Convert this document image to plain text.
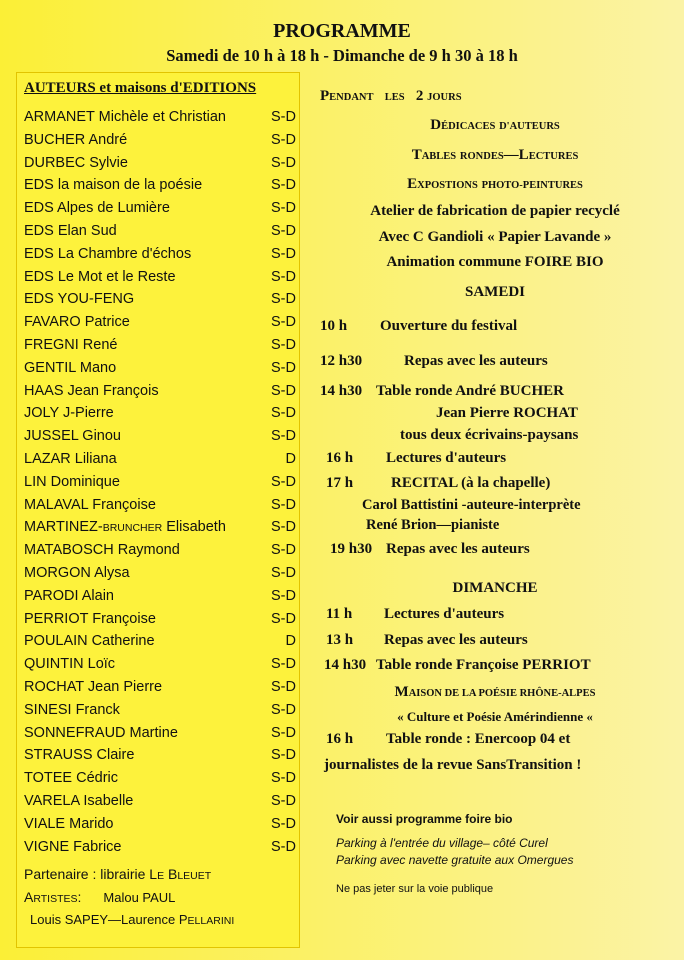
PROGRAMME
Samedi de 10 h à 18 h - Dimanche de 9 h 30 à 18 h
AUTEURS et maisons d'EDITIONS
ARMANET Michèle et Christian	S-D
BUCHER André	S-D
DURBEC Sylvie	S-D
EDS la maison de la poésie	S-D
EDS Alpes de Lumière	S-D
EDS Elan Sud	S-D
EDS La Chambre d'échos	S-D
EDS Le Mot et le Reste	S-D
EDS YOU-FENG	S-D
FAVARO Patrice	S-D
FREGNI René	S-D
GENTIL Mano	S-D
HAAS Jean François	S-D
JOLY J-Pierre	S-D
JUSSEL Ginou	S-D
LAZAR Liliana	D
LIN Dominique	S-D
MALAVAL Françoise	S-D
MARTINEZ-BRUNCHER Elisabeth	S-D
MATABOSCH Raymond	S-D
MORGON Alysa	S-D
PARODI Alain	S-D
PERRIOT Françoise	S-D
POULAIN Catherine	D
QUINTIN Loïc	S-D
ROCHAT Jean Pierre	S-D
SINESI Franck	S-D
SONNEFRAUD Martine	S-D
STRAUSS Claire	S-D
TOTEE Cédric	S-D
VARELA Isabelle	S-D
VIALE Marido	S-D
VIGNE Fabrice	S-D
Partenaire : librairie LE BLEUET
ARTISTES: Malou PAUL
Louis SAPEY—Laurence PELLARINI
PENDANT LES 2 JOURS
DÉDICACES D'AUTEURS
TABLES RONDES—LECTURES
EXPOSTIONS PHOTO-PEINTURES
Atelier de fabrication de papier recyclé
Avec C Gandioli « Papier Lavande »
Animation commune FOIRE BIO
SAMEDI
10 h Ouverture du festival
12 h30	Repas avec les auteurs
14 h30 Table ronde André BUCHER
Jean Pierre ROCHAT
tous deux écrivains-paysans
16 h Lectures d'auteurs
17 h	RECITAL (à la chapelle)
Carol Battistini -auteure-interprète
René Brion—pianiste
19 h30 Repas avec les auteurs
DIMANCHE
11 h Lectures d'auteurs
13 h Repas avec les auteurs
14 h30 Table ronde Françoise PERRIOT
MAISON DE LA POÉSIE RHÔNE-ALPES
« Culture et Poésie Amérindienne «
16 h Table ronde : Enercoop 04 et
journalistes de la revue SansTransition !
Voir aussi programme foire bio
Parking à l'entrée du village– côté Curel
Parking avec navette gratuite aux Omergues
Ne pas jeter sur la voie publique
